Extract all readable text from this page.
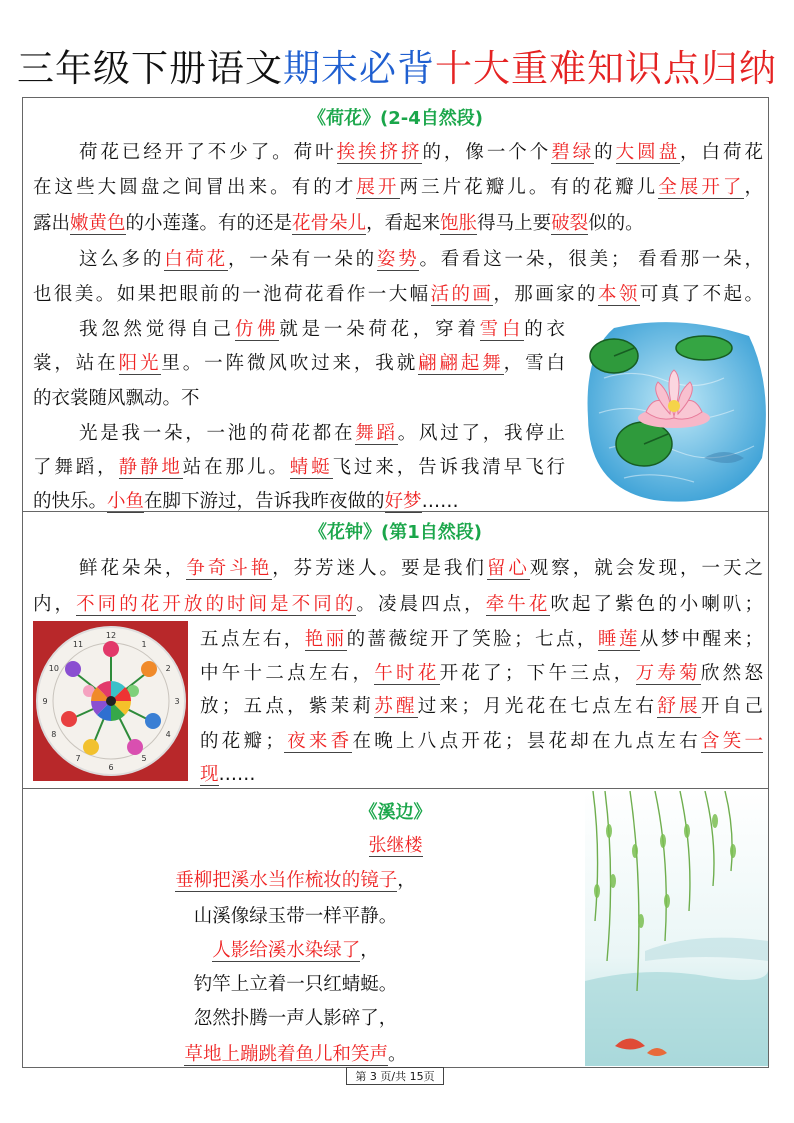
三年级下册语文期末必背十大重难知识点归纳
《荷花》(2-4自然段)
荷花已经开了不少了。荷叶挨挨挤挤的，像一个个碧绿的大圆盘，白荷花
在这些大圆盘之间冒出来。有的才展开两三片花瓣儿。有的花瓣儿全展开了，
露出嫩黄色的小莲蓬。有的还是花骨朵儿，看起来饱胀得马上要破裂似的。
这么多的白荷花，一朵有一朵的姿势。看看这一朵，很美； 看看那一朵，
也很美。如果把眼前的一池荷花看作一大幅活的画，那画家的本领可真了不起。
我忽然觉得自己仿佛就是一朵荷花，穿着雪白的衣
裳，站在阳光里。一阵微风吹过来，我就翩翩起舞，雪白
的衣裳随风飘动。不
光是我一朵，一池的荷花都在舞蹈。风过了，我停止
了舞蹈，静静地站在那儿。蜻蜓飞过来，告诉我清早飞行
的快乐。小鱼在脚下游过，告诉我昨夜做的好梦……
《花钟》(第1自然段)
12
1
2
3
4
5
6
7
8
9
10
11
鲜花朵朵，争奇斗艳，芬芳迷人。要是我们留心观察，就会发现，一天之
内，不同的花开放的时间是不同的。凌晨四点，牵牛花吹起了紫色的小喇叭；
五点左右，艳丽的蔷薇绽开了笑脸；七点，睡莲从梦中醒来；
中午十二点左右，午时花开花了；下午三点，万寿菊欣然怒
放；五点，紫茉莉苏醒过来；月光花在七点左右舒展开自己
的花瓣；夜来香在晚上八点开花；昙花却在九点左右含笑一
现……
《溪边》
张继楼
垂柳把溪水当作梳妆的镜子，
山溪像绿玉带一样平静。
人影给溪水染绿了，
钓竿上立着一只红蜻蜓。
忽然扑腾一声人影碎了，
草地上蹦跳着鱼儿和笑声。
第 3 页/共 15页
